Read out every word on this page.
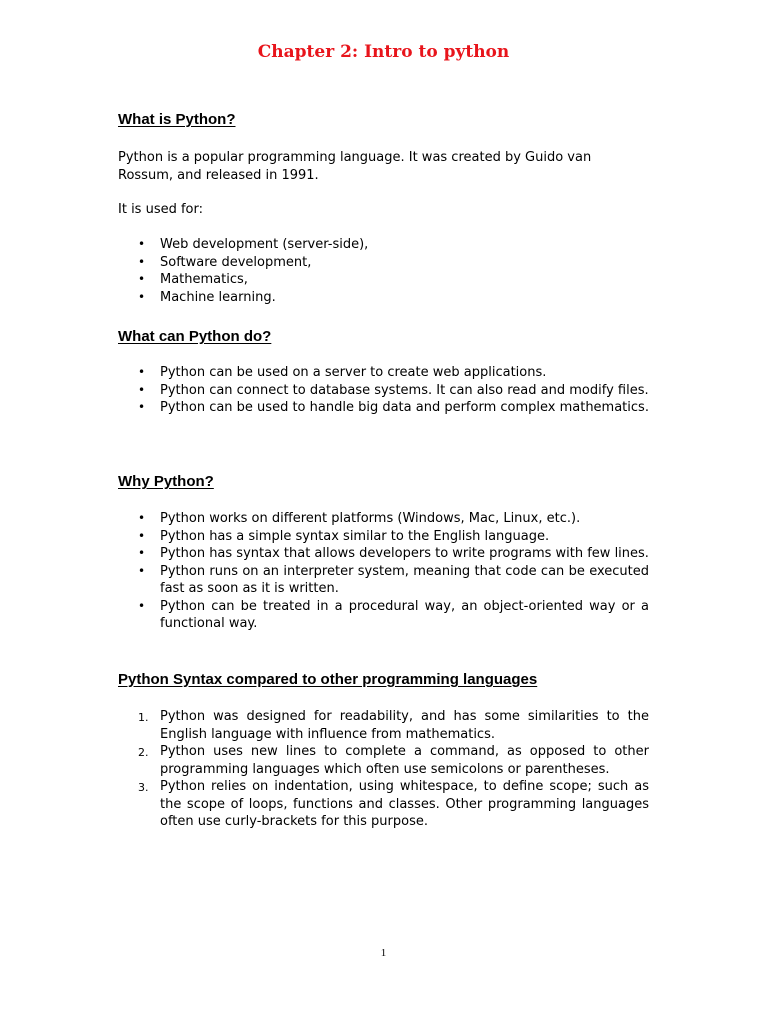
Chapter 2: Intro to python
What is Python?

Python is a popular programming language. It was created by Guido van Rossum, and released in 1991.

It is used for:

• Web development (server-side),
• Software development,
• Mathematics,
• Machine learning.
What can Python do?
• Python can be used on a server to create web applications.
• Python can connect to database systems. It can also read and modify files.
• Python can be used to handle big data and perform complex mathematics.
Why Python?
• Python works on different platforms (Windows, Mac, Linux, etc.).
• Python has a simple syntax similar to the English language.
• Python has syntax that allows developers to write programs with few lines.
• Python runs on an interpreter system, meaning that code can be executed fast as soon as it is written.
• Python can be treated in a procedural way, an object-oriented way or a functional way.
Python Syntax compared to other programming languages
1. Python was designed for readability, and has some similarities to the English language with influence from mathematics.
2. Python uses new lines to complete a command, as opposed to other programming languages which often use semicolons or parentheses.
3. Python relies on indentation, using whitespace, to define scope; such as the scope of loops, functions and classes. Other programming languages often use curly-brackets for this purpose.
1
